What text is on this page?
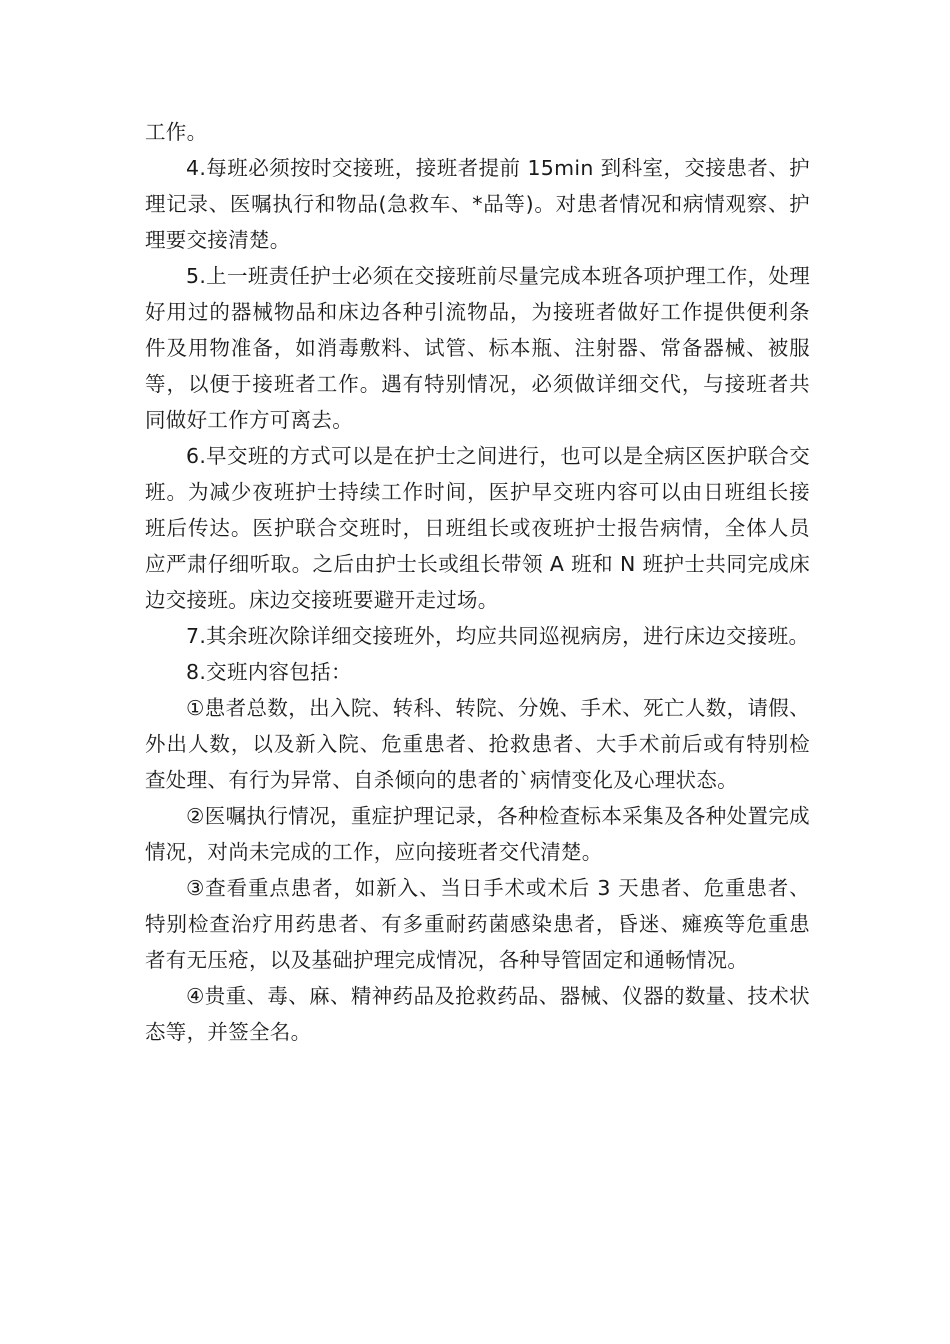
工作。

4.每班必须按时交接班，接班者提前 15min 到科室，交接患者、护理记录、医嘱执行和物品(急救车、*品等)。对患者情况和病情观察、护理要交接清楚。

5.上一班责任护士必须在交接班前尽量完成本班各项护理工作，处理好用过的器械物品和床边各种引流物品，为接班者做好工作提供便利条件及用物准备，如消毒敷料、试管、标本瓶、注射器、常备器械、被服等，以便于接班者工作。遇有特别情况，必须做详细交代，与接班者共同做好工作方可离去。

6.早交班的方式可以是在护士之间进行，也可以是全病区医护联合交班。为减少夜班护士持续工作时间，医护早交班内容可以由日班组长接班后传达。医护联合交班时，日班组长或夜班护士报告病情，全体人员应严肃仔细听取。之后由护士长或组长带领 A 班和 N 班护士共同完成床边交接班。床边交接班要避开走过场。

7.其余班次除详细交接班外，均应共同巡视病房，进行床边交接班。

8.交班内容包括：

①患者总数，出入院、转科、转院、分娩、手术、死亡人数，请假、外出人数，以及新入院、危重患者、抢救患者、大手术前后或有特别检查处理、有行为异常、自杀倾向的患者的`病情变化及心理状态。

②医嘱执行情况，重症护理记录，各种检查标本采集及各种处置完成情况，对尚未完成的工作，应向接班者交代清楚。

③查看重点患者，如新入、当日手术或术后 3 天患者、危重患者、特别检查治疗用药患者、有多重耐药菌感染患者，昏迷、瘫痪等危重患者有无压疮，以及基础护理完成情况，各种导管固定和通畅情况。

④贵重、毒、麻、精神药品及抢救药品、器械、仪器的数量、技术状态等，并签全名。
